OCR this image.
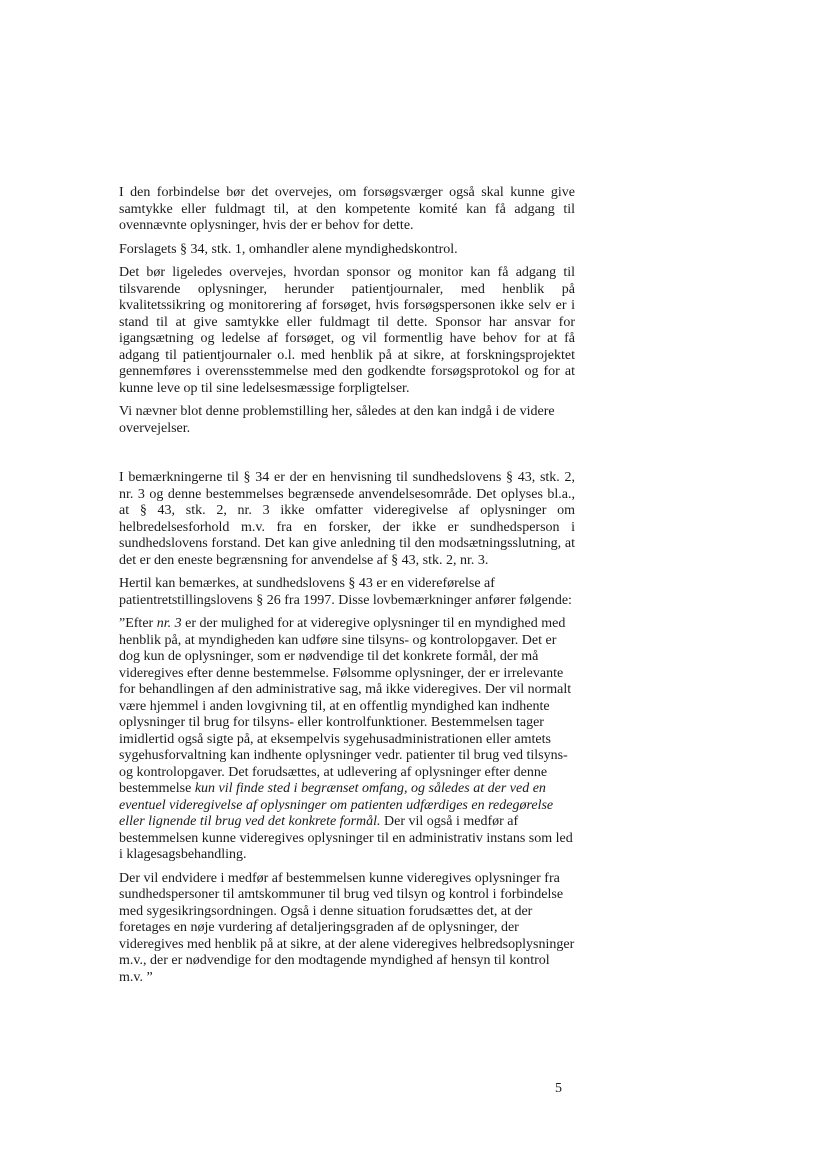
I den forbindelse bør det overvejes, om forsøgsværger også skal kunne give samtykke eller fuldmagt til, at den kompetente komité kan få adgang til ovennævnte oplysninger, hvis der er behov for dette.

Forslagets § 34, stk. 1, omhandler alene myndighedskontrol.

Det bør ligeledes overvejes, hvordan sponsor og monitor kan få adgang til tilsvarende oplysninger, herunder patientjournaler, med henblik på kvalitetssikring og monitorering af forsøget, hvis forsøgspersonen ikke selv er i stand til at give samtykke eller fuldmagt til dette. Sponsor har ansvar for igangsætning og ledelse af forsøget, og vil formentlig have behov for at få adgang til patientjournaler o.l. med henblik på at sikre, at forskningsprojektet gennemføres i overensstemmelse med den godkendte forsøgsprotokol og for at kunne leve op til sine ledelsesmæssige forpligtelser.

Vi nævner blot denne problemstilling her, således at den kan indgå i de videre overvejelser.

I bemærkningerne til § 34 er der en henvisning til sundhedslovens § 43, stk. 2, nr. 3 og denne bestemmelses begrænsede anvendelsesområde. Det oplyses bl.a., at § 43, stk. 2, nr. 3 ikke omfatter videregivelse af oplysninger om helbredelsesforhold m.v. fra en forsker, der ikke er sundhedsperson i sundhedslovens forstand. Det kan give anledning til den modsætningsslutning, at det er den eneste begrænsning for anvendelse af § 43, stk. 2, nr. 3.

Hertil kan bemærkes, at sundhedslovens § 43 er en videreførelse af patientretstillingslovens § 26 fra 1997. Disse lovbemærkninger anfører følgende:

”Efter nr. 3 er der mulighed for at videregive oplysninger til en myndighed med henblik på, at myndigheden kan udføre sine tilsyns- og kontrolopgaver. Det er dog kun de oplysninger, som er nødvendige til det konkrete formål, der må videregives efter denne bestemmelse. Følsomme oplysninger, der er irrelevante for behandlingen af den administrative sag, må ikke videregives. Der vil normalt være hjemmel i anden lovgivning til, at en offentlig myndighed kan indhente oplysninger til brug for tilsyns- eller kontrolfunktioner. Bestemmelsen tager imidlertid også sigte på, at eksempelvis sygehusadministrationen eller amtets sygehusforvaltning kan indhente oplysninger vedr. patienter til brug ved tilsyns- og kontrolopgaver. Det forudsættes, at udlevering af oplysninger efter denne bestemmelse kun vil finde sted i begrænset omfang, og således at der ved en eventuel videregivelse af oplysninger om patienten udfærdiges en redegørelse eller lignende til brug ved det konkrete formål. Der vil også i medfør af bestemmelsen kunne videregives oplysninger til en administrativ instans som led i klagesagsbehandling.

Der vil endvidere i medfør af bestemmelsen kunne videregives oplysninger fra sundhedspersoner til amtskommuner til brug ved tilsyn og kontrol i forbindelse med sygesikringsordningen. Også i denne situation forudsættes det, at der foretages en nøje vurdering af detaljeringsgraden af de oplysninger, der videregives med henblik på at sikre, at der alene videregives helbredsoplysninger m.v., der er nødvendige for den modtagende myndighed af hensyn til kontrol m.v. ”

5
